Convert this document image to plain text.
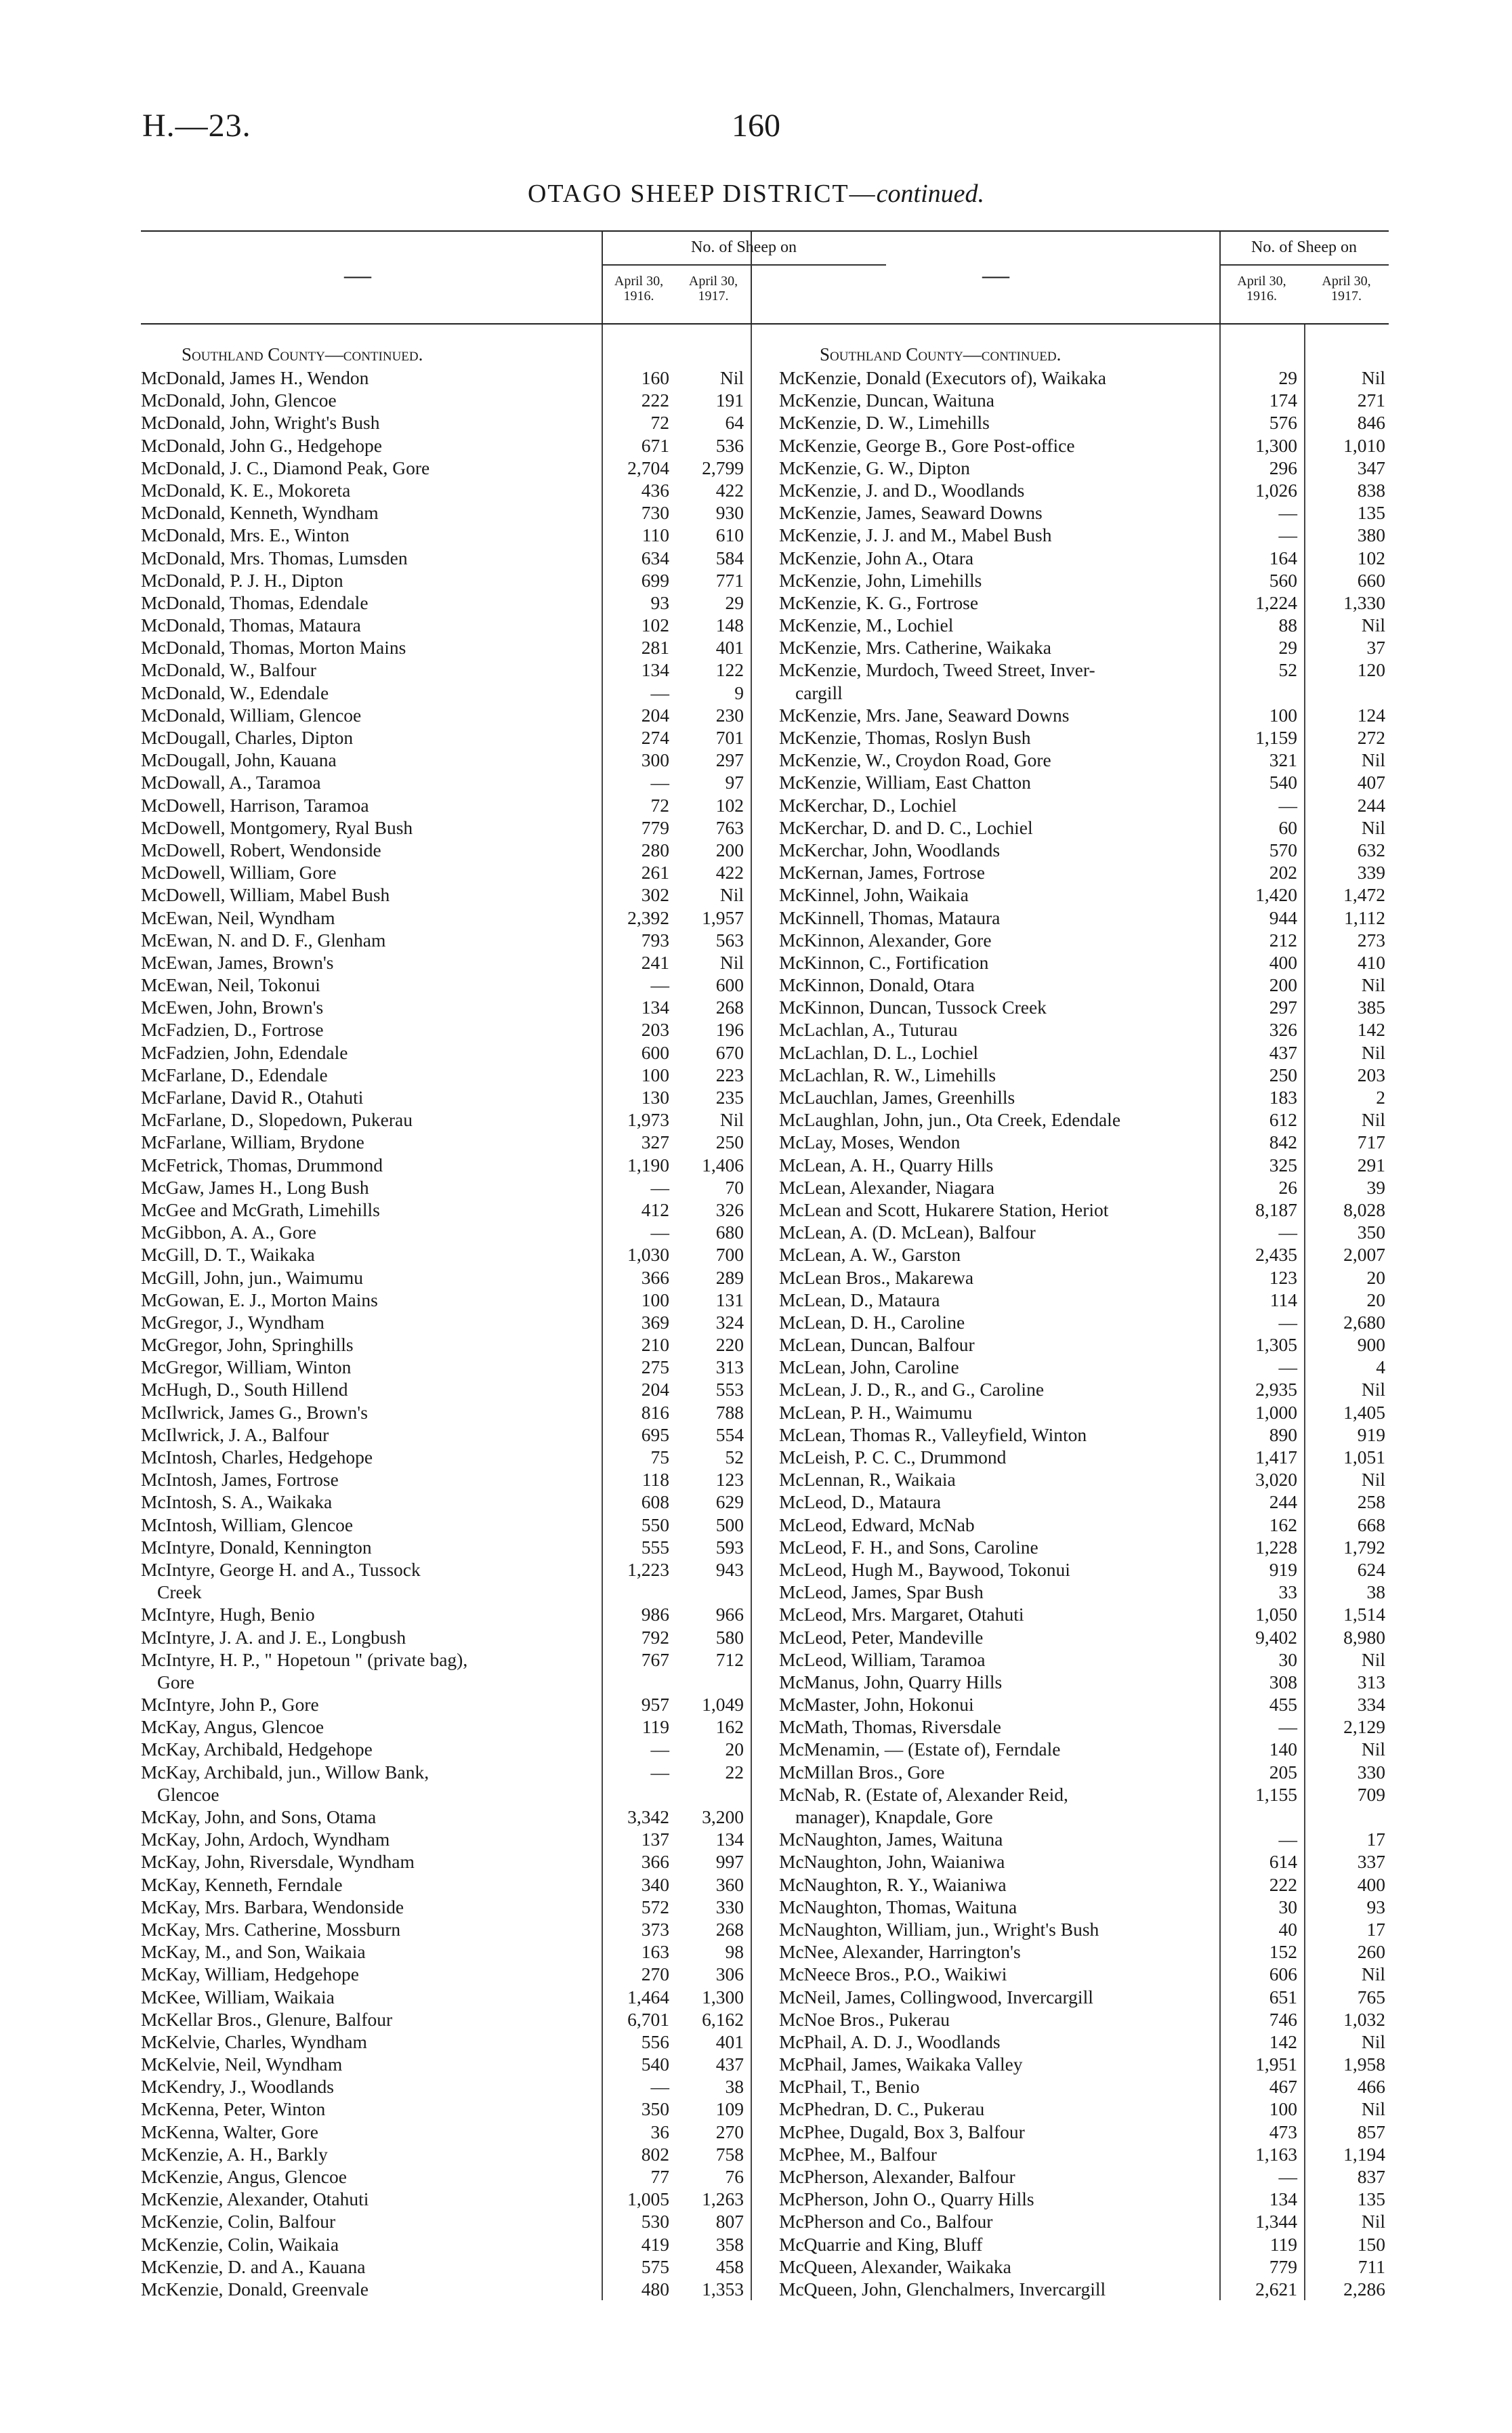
H.—23.	160
OTAGO SHEEP DISTRICT—continued.
—
No. of Sheep on
April 30,
1916.
April 30,
1917.
Southland County—continued.
McDonald, James H., Wendon	160	Nil
McDonald, John, Glencoe	222	191
McDonald, John, Wright's Bush	72	64
McDonald, John G., Hedgehope	671	536
McDonald, J. C., Diamond Peak, Gore	2,704	2,799
McDonald, K. E., Mokoreta	436	422
McDonald, Kenneth, Wyndham	730	930
McDonald, Mrs. E., Winton	110	610
McDonald, Mrs. Thomas, Lumsden	634	584
McDonald, P. J. H., Dipton	699	771
McDonald, Thomas, Edendale	93	29
McDonald, Thomas, Mataura	102	148
McDonald, Thomas, Morton Mains	281	401
McDonald, W., Balfour	134	122
McDonald, W., Edendale	—	9
McDonald, William, Glencoe	204	230
McDougall, Charles, Dipton	274	701
McDougall, John, Kauana	300	297
McDowall, A., Taramoa	—	97
McDowell, Harrison, Taramoa	72	102
McDowell, Montgomery, Ryal Bush	779	763
McDowell, Robert, Wendonside	280	200
McDowell, William, Gore	261	422
McDowell, William, Mabel Bush	302	Nil
McEwan, Neil, Wyndham	2,392	1,957
McEwan, N. and D. F., Glenham	793	563
McEwan, James, Brown's	241	Nil
McEwan, Neil, Tokonui	—	600
McEwen, John, Brown's	134	268
McFadzien, D., Fortrose	203	196
McFadzien, John, Edendale	600	670
McFarlane, D., Edendale	100	223
McFarlane, David R., Otahuti	130	235
McFarlane, D., Slopedown, Pukerau	1,973	Nil
McFarlane, William, Brydone	327	250
McFetrick, Thomas, Drummond	1,190	1,406
McGaw, James H., Long Bush	—	70
McGee and McGrath, Limehills	412	326
McGibbon, A. A., Gore	—	680
McGill, D. T., Waikaka	1,030	700
McGill, John, jun., Waimumu	366	289
McGowan, E. J., Morton Mains	100	131
McGregor, J., Wyndham	369	324
McGregor, John, Springhills	210	220
McGregor, William, Winton	275	313
McHugh, D., South Hillend	204	553
McIlwrick, James G., Brown's	816	788
McIlwrick, J. A., Balfour	695	554
McIntosh, Charles, Hedgehope	75	52
McIntosh, James, Fortrose	118	123
McIntosh, S. A., Waikaka	608	629
McIntosh, William, Glencoe	550	500
McIntyre, Donald, Kennington	555	593
McIntyre, George H. and A., Tussock	1,223	943
Creek
McIntyre, Hugh, Benio	986	966
McIntyre, J. A. and J. E., Longbush	792	580
McIntyre, H. P., " Hopetoun " (private bag),	767	712
Gore
McIntyre, John P., Gore	957	1,049
McKay, Angus, Glencoe	119	162
McKay, Archibald, Hedgehope	—	20
McKay, Archibald, jun., Willow Bank,	—	22
Glencoe
McKay, John, and Sons, Otama	3,342	3,200
McKay, John, Ardoch, Wyndham	137	134
McKay, John, Riversdale, Wyndham	366	997
McKay, Kenneth, Ferndale	340	360
McKay, Mrs. Barbara, Wendonside	572	330
McKay, Mrs. Catherine, Mossburn	373	268
McKay, M., and Son, Waikaia	163	98
McKay, William, Hedgehope	270	306
McKee, William, Waikaia	1,464	1,300
McKellar Bros., Glenure, Balfour	6,701	6,162
McKelvie, Charles, Wyndham	556	401
McKelvie, Neil, Wyndham	540	437
McKendry, J., Woodlands	—	38
McKenna, Peter, Winton	350	109
McKenna, Walter, Gore	36	270
McKenzie, A. H., Barkly	802	758
McKenzie, Angus, Glencoe	77	76
McKenzie, Alexander, Otahuti	1,005	1,263
McKenzie, Colin, Balfour	530	807
McKenzie, Colin, Waikaia	419	358
McKenzie, D. and A., Kauana	575	458
McKenzie, Donald, Greenvale	480	1,353
—
No. of Sheep on
April 30,
1916.
April 30,
1917.
Southland County—continued.
McKenzie, Donald (Executors of), Waikaka	29	Nil
McKenzie, Duncan, Waituna	174	271
McKenzie, D. W., Limehills	576	846
McKenzie, George B., Gore Post-office	1,300	1,010
McKenzie, G. W., Dipton	296	347
McKenzie, J. and D., Woodlands	1,026	838
McKenzie, James, Seaward Downs	—	135
McKenzie, J. J. and M., Mabel Bush	—	380
McKenzie, John A., Otara	164	102
McKenzie, John, Limehills	560	660
McKenzie, K. G., Fortrose	1,224	1,330
McKenzie, M., Lochiel	88	Nil
McKenzie, Mrs. Catherine, Waikaka	29	37
McKenzie, Murdoch, Tweed Street, Inver-	52	120
cargill
McKenzie, Mrs. Jane, Seaward Downs	100	124
McKenzie, Thomas, Roslyn Bush	1,159	272
McKenzie, W., Croydon Road, Gore	321	Nil
McKenzie, William, East Chatton	540	407
McKerchar, D., Lochiel	—	244
McKerchar, D. and D. C., Lochiel	60	Nil
McKerchar, John, Woodlands	570	632
McKernan, James, Fortrose	202	339
McKinnel, John, Waikaia	1,420	1,472
McKinnell, Thomas, Mataura	944	1,112
McKinnon, Alexander, Gore	212	273
McKinnon, C., Fortification	400	410
McKinnon, Donald, Otara	200	Nil
McKinnon, Duncan, Tussock Creek	297	385
McLachlan, A., Tuturau	326	142
McLachlan, D. L., Lochiel	437	Nil
McLachlan, R. W., Limehills	250	203
McLauchlan, James, Greenhills	183	2
McLaughlan, John, jun., Ota Creek, Edendale	612	Nil
McLay, Moses, Wendon	842	717
McLean, A. H., Quarry Hills	325	291
McLean, Alexander, Niagara	26	39
McLean and Scott, Hukarere Station, Heriot	8,187	8,028
McLean, A. (D. McLean), Balfour	—	350
McLean, A. W., Garston	2,435	2,007
McLean Bros., Makarewa	123	20
McLean, D., Mataura	114	20
McLean, D. H., Caroline	—	2,680
McLean, Duncan, Balfour	1,305	900
McLean, John, Caroline	—	4
McLean, J. D., R., and G., Caroline	2,935	Nil
McLean, P. H., Waimumu	1,000	1,405
McLean, Thomas R., Valleyfield, Winton	890	919
McLeish, P. C. C., Drummond	1,417	1,051
McLennan, R., Waikaia	3,020	Nil
McLeod, D., Mataura	244	258
McLeod, Edward, McNab	162	668
McLeod, F. H., and Sons, Caroline	1,228	1,792
McLeod, Hugh M., Baywood, Tokonui	919	624
McLeod, James, Spar Bush	33	38
McLeod, Mrs. Margaret, Otahuti	1,050	1,514
McLeod, Peter, Mandeville	9,402	8,980
McLeod, William, Taramoa	30	Nil
McManus, John, Quarry Hills	308	313
McMaster, John, Hokonui	455	334
McMath, Thomas, Riversdale	—	2,129
McMenamin, — (Estate of), Ferndale	140	Nil
McMillan Bros., Gore	205	330
McNab, R. (Estate of, Alexander Reid,	1,155	709
manager), Knapdale, Gore
McNaughton, James, Waituna	—	17
McNaughton, John, Waianiwa	614	337
McNaughton, R. Y., Waianiwa	222	400
McNaughton, Thomas, Waituna	30	93
McNaughton, William, jun., Wright's Bush	40	17
McNee, Alexander, Harrington's	152	260
McNeece Bros., P.O., Waikiwi	606	Nil
McNeil, James, Collingwood, Invercargill	651	765
McNoe Bros., Pukerau	746	1,032
McPhail, A. D. J., Woodlands	142	Nil
McPhail, James, Waikaka Valley	1,951	1,958
McPhail, T., Benio	467	466
McPhedran, D. C., Pukerau	100	Nil
McPhee, Dugald, Box 3, Balfour	473	857
McPhee, M., Balfour	1,163	1,194
McPherson, Alexander, Balfour	—	837
McPherson, John O., Quarry Hills	134	135
McPherson and Co., Balfour	1,344	Nil
McQuarrie and King, Bluff	119	150
McQueen, Alexander, Waikaka	779	711
McQueen, John, Glenchalmers, Invercargill	2,621	2,286
